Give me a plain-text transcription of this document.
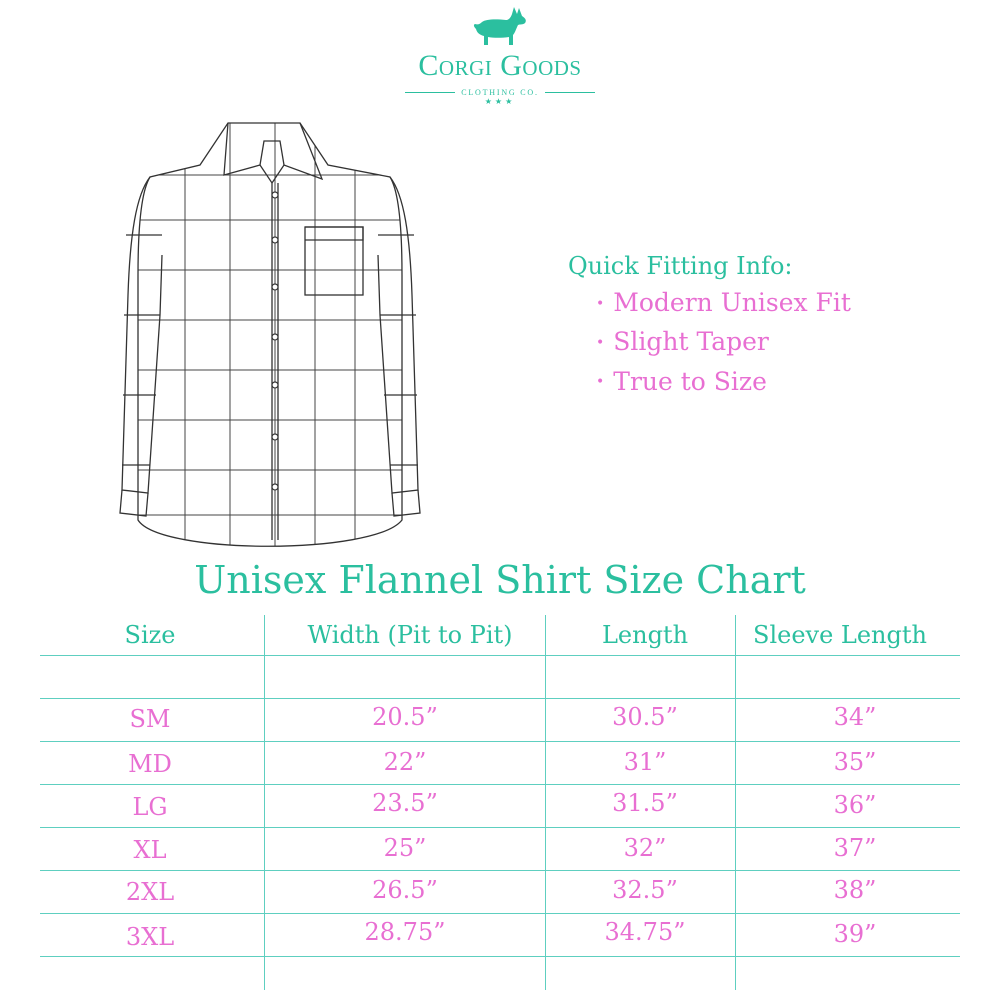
Corgi Goods
CLOTHING CO.
★★★
Quick Fitting Info:
• Modern Unisex Fit
• Slight Taper
• True to Size
Unisex Flannel Shirt Size Chart
Size	Width (Pit to Pit)	Length	Sleeve Length
SM	20.5”	30.5”	34”
MD	22”	31”	35”
LG	23.5”	31.5”	36”
XL	25”	32”	37”
2XL	26.5”	32.5”	38”
3XL	28.75”	34.75”	39”
